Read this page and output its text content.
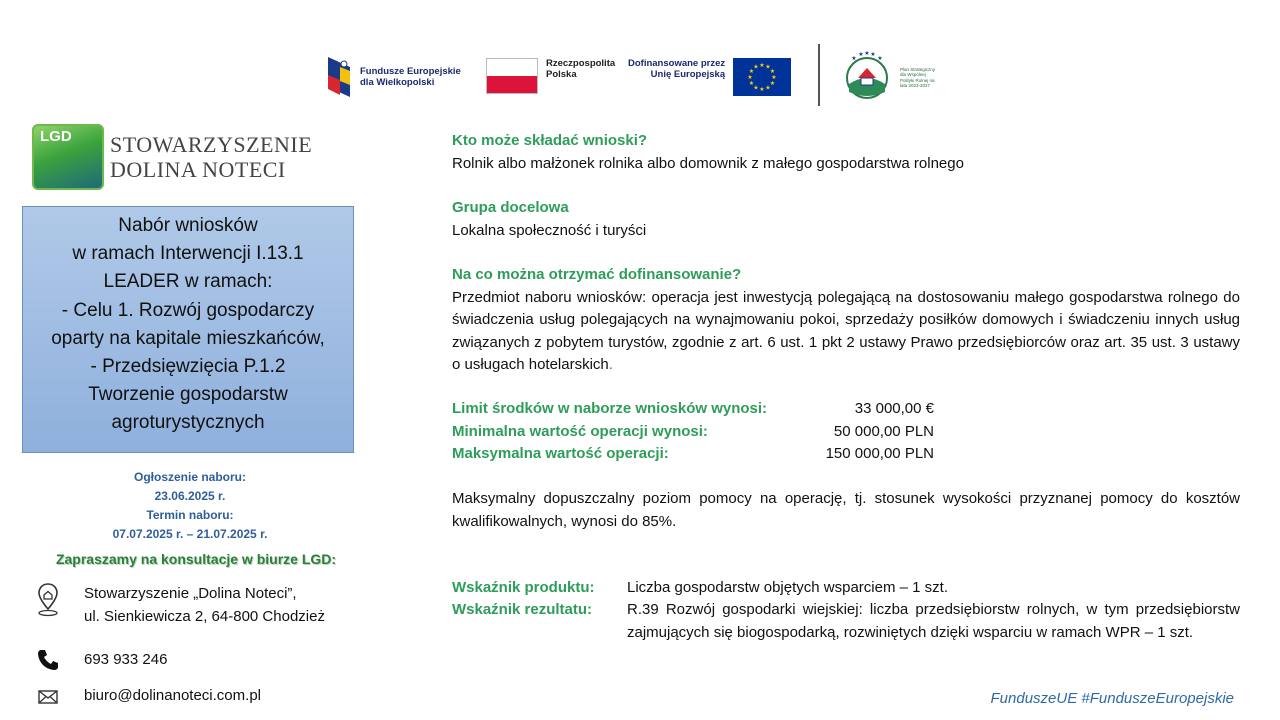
Fundusze Europejskie
dla Wielkopolski
Rzeczpospolita
Polska
Dofinansowane przez
Unię Europejską
★ ★
★
★
★
★
★
★
★
★
★
★
★
★ ★ ★
★
Plan Strategiczny dla Wspólnej Polityki Rolnej na lata 2023-2027
LGD STOWARZYSZENIE
DOLINA NOTECI

Nabór wniosków

w ramach Interwencji I.13.1

LEADER w ramach:

- Celu 1. Rozwój gospodarczy

oparty na kapitale mieszkańców,

- Przedsięwzięcia P.1.2

Tworzenie gospodarstw

agroturystycznych

Ogłoszenie naboru:
23.06.2025 r.
Termin naboru:
07.07.2025 r. – 21.07.2025 r.
Zapraszamy na konsultacje w biurze LGD:
Stowarzyszenie „Dolina Noteci”,
ul. Sienkiewicza 2, 64-800 Chodzież
693 933 246
biuro@dolinanoteci.com.pl
Kto może składać wnioski?
Rolnik albo małżonek rolnika albo domownik z małego gospodarstwa rolnego
Grupa docelowa
Lokalna społeczność i turyści
Na co można otrzymać dofinansowanie?
Przedmiot naboru wniosków: operacja jest inwestycją polegającą na dostosowaniu małego gospodarstwa rolnego do świadczenia usług polegających na wynajmowaniu pokoi, sprzedaży posiłków domowych i świadczeniu innych usług związanych z pobytem turystów, zgodnie z art. 6 ust. 1 pkt 2 ustawy Prawo przedsiębiorców oraz art. 35 ust. 3 ustawy o usługach hotelarskich.
Limit środków w naborze wniosków wynosi:	33 000,00 €
Minimalna wartość operacji wynosi:	50 000,00 PLN
Maksymalna wartość operacji:	150 000,00 PLN
Maksymalny dopuszczalny poziom pomocy na operację, tj. stosunek wysokości przyznanej pomocy do kosztów kwalifikowalnych, wynosi do 85%.
Wskaźnik produktu:	Liczba gospodarstw objętych wsparciem – 1 szt.
Wskaźnik rezultatu:	R.39 Rozwój gospodarki wiejskiej: liczba przedsiębiorstw rolnych, w tym przedsiębiorstw zajmujących się biogospodarką, rozwiniętych dzięki wsparciu w ramach WPR – 1 szt.
FunduszeUE #FunduszeEuropejskie
